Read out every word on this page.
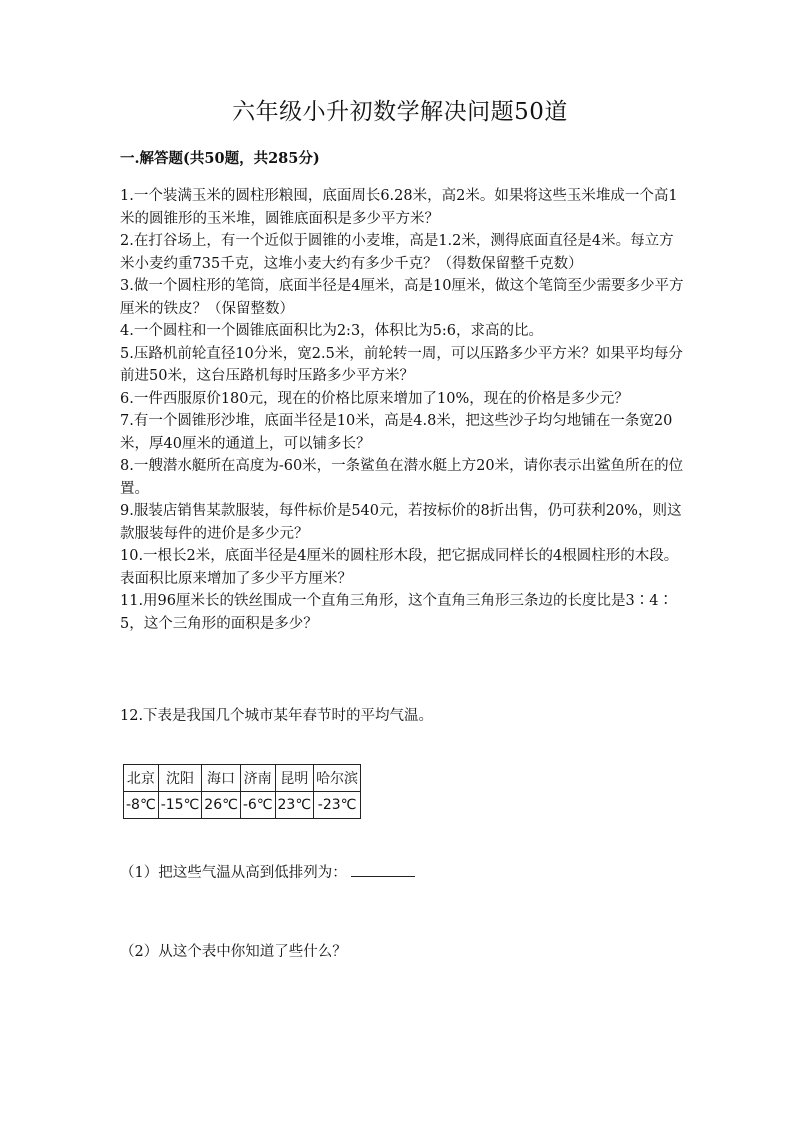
六年级小升初数学解决问题50道
一.解答题(共50题，共285分)

1.一个装满玉米的圆柱形粮囤，底面周长6.28米，高2米。如果将这些玉米堆成一个高1米的圆锥形的玉米堆，圆锥底面积是多少平方米？

2.在打谷场上，有一个近似于圆锥的小麦堆，高是1.2米，测得底面直径是4米。每立方米小麦约重735千克，这堆小麦大约有多少千克？（得数保留整千克数）

3.做一个圆柱形的笔筒，底面半径是4厘米，高是10厘米，做这个笔筒至少需要多少平方厘米的铁皮？（保留整数）

4.一个圆柱和一个圆锥底面积比为2:3，体积比为5:6，求高的比。

5.压路机前轮直径10分米，宽2.5米，前轮转一周，可以压路多少平方米？如果平均每分前进50米，这台压路机每时压路多少平方米？

6.一件西服原价180元，现在的价格比原来增加了10%，现在的价格是多少元？

7.有一个圆锥形沙堆，底面半径是10米，高是4.8米，把这些沙子均匀地铺在一条宽20米，厚40厘米的通道上，可以铺多长？

8.一艘潜水艇所在高度为-60米，一条鲨鱼在潜水艇上方20米，请你表示出鲨鱼所在的位置。

9.服装店销售某款服装，每件标价是540元，若按标价的8折出售，仍可获利20%，则这款服装每件的进价是多少元？

10.一根长2米，底面半径是4厘米的圆柱形木段，把它据成同样长的4根圆柱形的木段。表面积比原来增加了多少平方厘米？

11.用96厘米长的铁丝围成一个直角三角形，这个直角三角形三条边的长度比是3∶4∶5，这个三角形的面积是多少？

12.下表是我国几个城市某年春节时的平均气温。

北京	沈阳	海口	济南	昆明	哈尔滨
-8℃	-15℃	26℃	-6℃	23℃	-23℃

（1）把这些气温从高到低排列为：

（2）从这个表中你知道了些什么？
